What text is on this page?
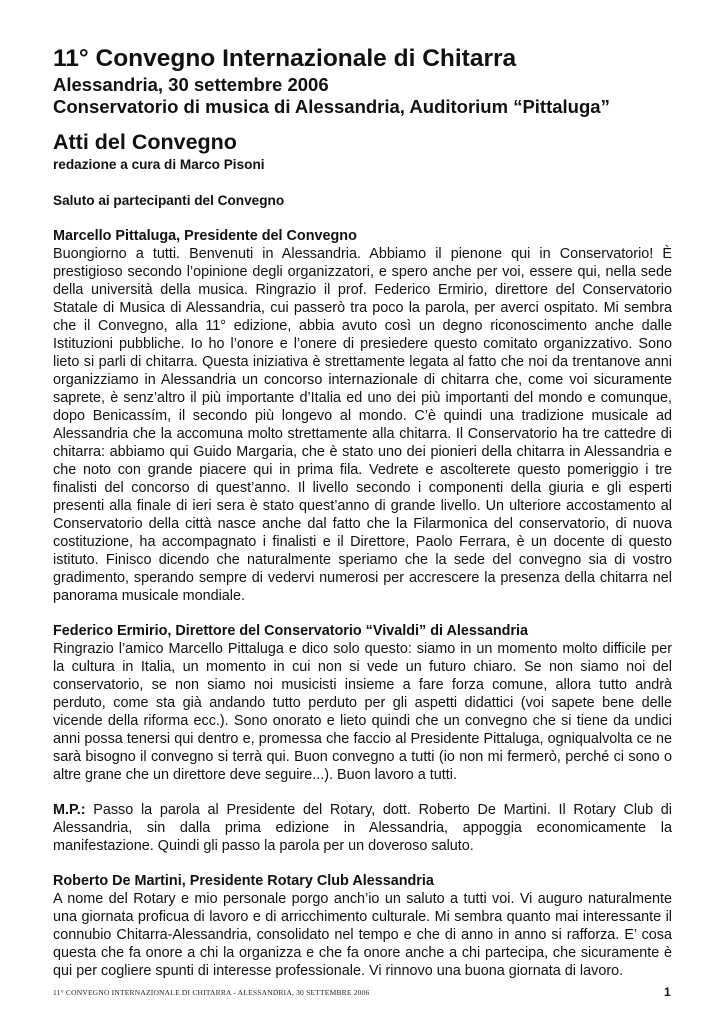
11° Convegno Internazionale di Chitarra

Alessandria, 30 settembre 2006

Conservatorio di musica di Alessandria, Auditorium “Pittaluga”

Atti del Convegno

redazione a cura di Marco Pisoni

Saluto ai partecipanti del Convegno

Marcello Pittaluga, Presidente del Convegno

Buongiorno a tutti. Benvenuti in Alessandria. Abbiamo il pienone qui in Conservatorio! È prestigioso secondo l’opinione degli organizzatori, e spero anche per voi, essere qui, nella sede della università della musica. Ringrazio il prof. Federico Ermirio, direttore del Conservatorio Statale di Musica di Alessandria, cui passerò tra poco la parola, per averci ospitato. Mi sembra che il Convegno, alla 11° edizione, abbia avuto così un degno riconoscimento anche dalle Istituzioni pubbliche. Io ho l’onore e l’onere di presiedere questo comitato organizzativo. Sono lieto si parli di chitarra. Questa iniziativa è strettamente legata al fatto che noi da trentanove anni organizziamo in Alessandria un concorso internazionale di chitarra che, come voi sicuramente saprete, è senz’altro il più importante d’Italia ed uno dei più importanti del mondo e comunque, dopo Benicassím, il secondo più longevo al mondo. C’è quindi una tradizione musicale ad Alessandria che la accomuna molto strettamente alla chitarra. Il Conservatorio ha tre cattedre di chitarra: abbiamo qui Guido Margaria, che è stato uno dei pionieri della chitarra in Alessandria e che noto con grande piacere qui in prima fila. Vedrete e ascolterete questo pomeriggio i tre finalisti del concorso di quest’anno. Il livello secondo i componenti della giuria e gli esperti presenti alla finale di ieri sera è stato quest’anno di grande livello. Un ulteriore accostamento al Conservatorio della città nasce anche dal fatto che la Filarmonica del conservatorio, di nuova costituzione, ha accompagnato i finalisti e il Direttore, Paolo Ferrara, è un docente di questo istituto. Finisco dicendo che naturalmente speriamo che la sede del convegno sia di vostro gradimento, sperando sempre di vedervi numerosi per accrescere la presenza della chitarra nel panorama musicale mondiale.

Federico Ermirio, Direttore del Conservatorio “Vivaldi” di Alessandria

Ringrazio l’amico Marcello Pittaluga e dico solo questo: siamo in un momento molto difficile per la cultura in Italia, un momento in cui non si vede un futuro chiaro. Se non siamo noi del conservatorio, se non siamo noi musicisti insieme a fare forza comune, allora tutto andrà perduto, come sta già andando tutto perduto per gli aspetti didattici (voi sapete bene delle vicende della riforma ecc.). Sono onorato e lieto quindi che un convegno che si tiene da undici anni possa tenersi qui dentro e, promessa che faccio al Presidente Pittaluga, ogniqualvolta ce ne sarà bisogno il convegno si terrà qui. Buon convegno a tutti (io non mi fermerò, perché ci sono o altre grane che un direttore deve seguire...). Buon lavoro a tutti.

M.P.: Passo la parola al Presidente del Rotary, dott. Roberto De Martini. Il Rotary Club di Alessandria, sin dalla prima edizione in Alessandria, appoggia economicamente la manifestazione. Quindi gli passo la parola per un doveroso saluto.

Roberto De Martini, Presidente Rotary Club Alessandria

A nome del Rotary e mio personale porgo anch’io un saluto a tutti voi. Vi auguro naturalmente una giornata proficua di lavoro e di arricchimento culturale. Mi sembra quanto mai interessante il connubio Chitarra-Alessandria, consolidato nel tempo e che di anno in anno si rafforza. E’ cosa questa che fa onore a chi la organizza e che fa onore anche a chi partecipa, che sicuramente è qui per cogliere spunti di interesse professionale. Vi rinnovo una buona giornata di lavoro.

11° CONVEGNO INTERNAZIONALE DI CHITARRA - ALESSANDRIA, 30 SETTEMBRE 2006	1
